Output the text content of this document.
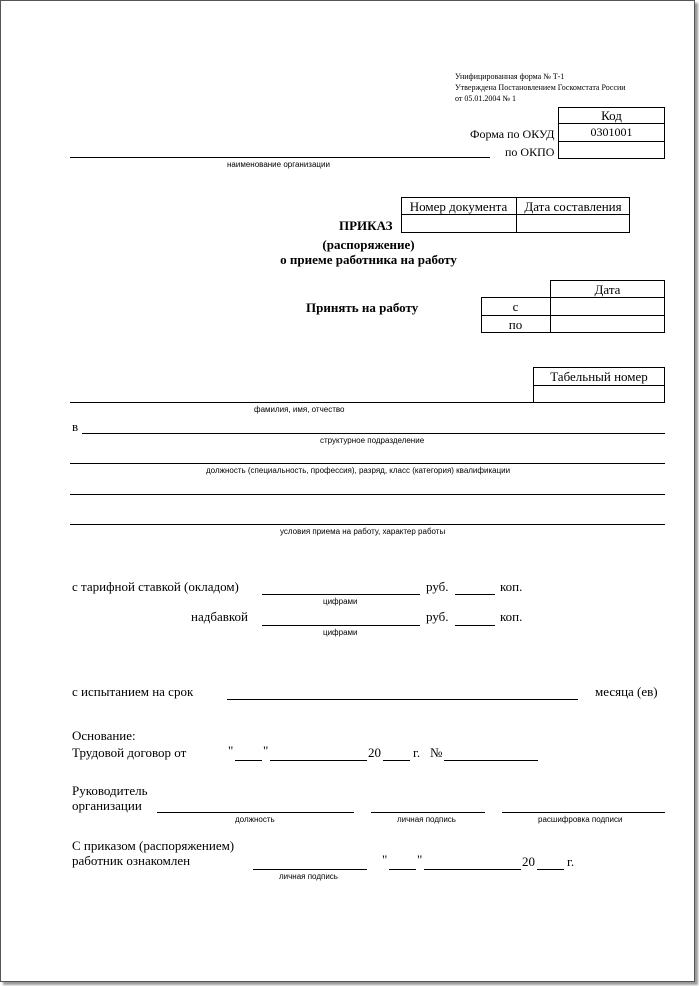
Унифицированная форма № Т-1
Утверждена Постановлением Госкомстата России
от 05.01.2004 № 1
Код
0301001
Форма по ОКУД
по ОКПО
наименование организации
Номер документа	Дата составления
ПРИКАЗ
(распоряжение)
о приеме работника на работу
Дата
с
по
Принять на работу
Табельный номер
фамилия, имя, отчество
в
структурное подразделение
должность (специальность, профессия), разряд, класс (категория) квалификации
условия приема на работу, характер работы
с тарифной ставкой (окладом)	руб.	коп.
цифрами
надбавкой	руб.	коп.
цифрами
с испытанием на срок	месяца (ев)
Основание:
Трудовой договор от	" "	20 г. №
Руководитель
организации
должность	личная подпись	расшифровка подписи
С приказом (распоряжением)
работник ознакомлен
личная подпись
" "	20 г.
